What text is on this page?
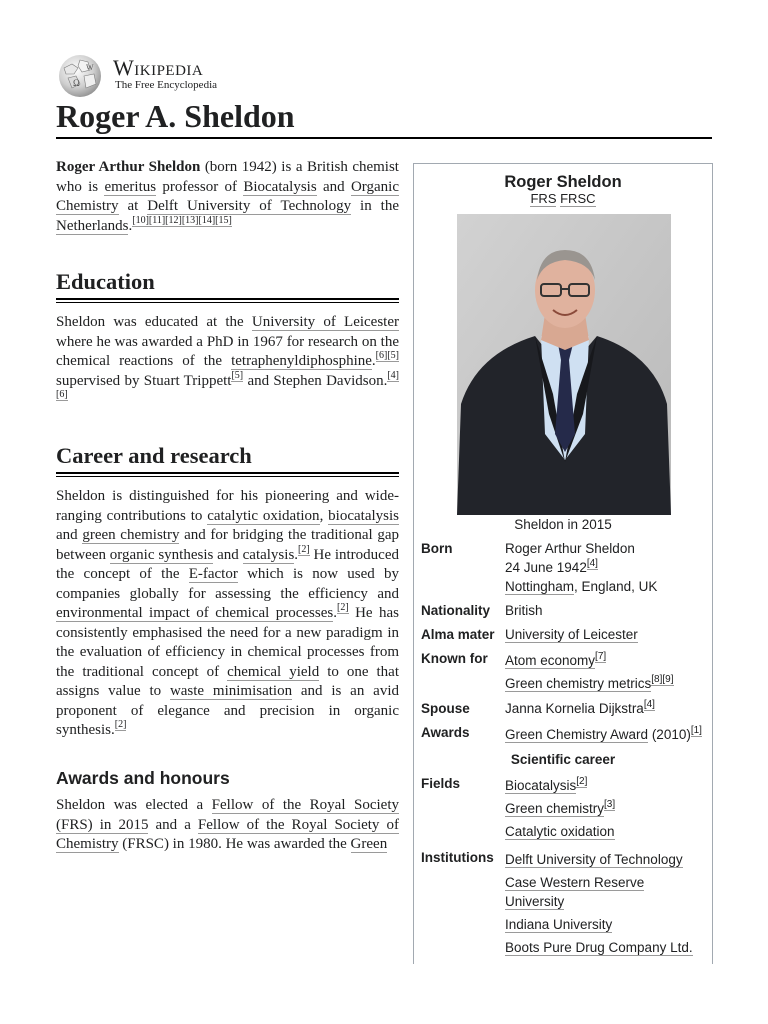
Ω
W Wikipedia
The Free Encyclopedia
Roger A. Sheldon

Roger Arthur Sheldon (born 1942) is a British chemist who is emeritus professor of Biocatalysis and Organic Chemistry at Delft University of Technology in the Netherlands.[10][11][12][13][14][15]

Education

Sheldon was educated at the University of Leicester where he was awarded a PhD in 1967 for research on the chemical reactions of the tetraphenyldiphosphine.[6][5] supervised by Stuart Trippett[5] and Stephen Davidson.[4][6]

Career and research

Sheldon is distinguished for his pioneering and wide-ranging contributions to catalytic oxidation, biocatalysis and green chemistry and for bridging the traditional gap between organic synthesis and catalysis.[2] He introduced the concept of the E-factor which is now used by companies globally for assessing the efficiency and environmental impact of chemical processes.[2] He has consistently emphasised the need for a new paradigm in the evaluation of efficiency in chemical processes from the traditional concept of chemical yield to one that assigns value to waste minimisation and is an avid proponent of elegance and precision in organic synthesis.[2]

Awards and honours

Sheldon was elected a Fellow of the Royal Society (FRS) in 2015 and a Fellow of the Royal Society of Chemistry (FRSC) in 1980. He was awarded the Green

Roger Sheldon
FRS FRSC
Sheldon in 2015
Born	Roger Arthur Sheldon
24 June 1942[4]
Nottingham, England, UK
Nationality British
Alma mater University of Leicester
Known for Atom economy[7]
Green chemistry metrics[8][9]
Spouse	Janna Kornelia Dijkstra[4]
Awards	Green Chemistry Award (2010)[1]
Scientific career
Fields	Biocatalysis[2]
Green chemistry[3]
Catalytic oxidation
Institutions Delft University of Technology
Case Western Reserve
University
Indiana University
Boots Pure Drug Company Ltd.
